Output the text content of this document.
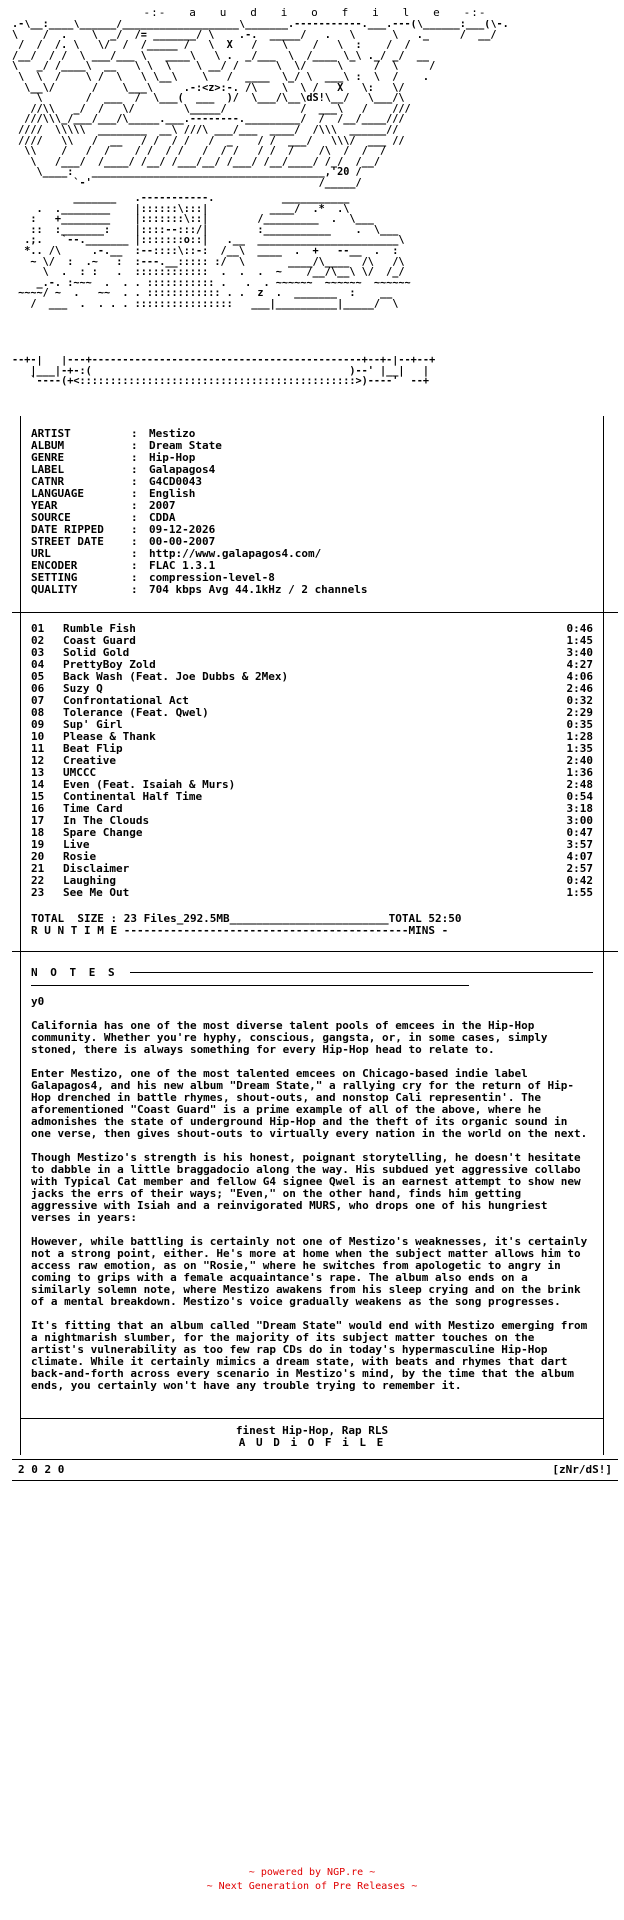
-:-   a   u   d   i   o   f   i   l   e   -:-
.-\__:____\______/___________________\_______.-----------.___.---(\______:___(\-.
\    /  .    \  _/  /= _______/ \    .-.  _____/   .   \      \   ._     /  __/
/  /  /. \   \/  /  /_____ /   \  X   /    \    /   \  :    /  /
/__/  / /  \ ___/___ \   ____\   \ .  _/___  \  /____ \_\ ._/ _/  __
\   _/ /____\  __   \ \  \    \ __/ /      \  \/     \     /  \     /
\  \  /    \ /  \   \ \__\    \   /  ____  \_/ \  ___\ :  \  /    .
\__\/      /    \___\     .-:<z>:-. /\    \  \ /   X   \:   \/
\       /  ___  /  \___(  ___  )/  \___/\__\dS!\__/   \___/\
//\\   _/  /   \/        \_____/            /  ___\   /    ///
///\\\_/___/___/\_____.___.--------._________/  /  /__/____///
////  \\\\\  ________  __\ ///\ ___/___  ____/  /\\\  ______//
////   \\   /  __   / /  / /   /  _    / /  ___/   \\\/  ___ //
\\    /   /  /    / /  / /   /  / /   / /  /    /\  /  /  /
\   /___/  /____/ /__/ /___/__/ /___/ /__/____/ /_/  /__/
\____:   ______________________________________,'20 /
`-'                                     /_____/
_______   .-----------.           ___________
.  .________    |::::::\:::|          ____/  .*  .\
:   +________    |:::::::\::|        /_________  .  \___
::  :_______:    |::::--:::/|        :___________    .  \___
.;.   `--._______ |:::::::o::|   .__  _______________________\
*.. /\     .-.__  :--::::\::-:  /__\  ____  .  +   --__  .  :
~ \/  :  .~   :  :---.__::::: :/  \       ____/\____  /\   /\
\  .  : :   .  ::::::::::::  .  .  .  ~    /__/\__\ \/  /_/
_.-. :~~~  .  . . ::::::::::: .   .  . ~~~~~~  ~~~~~~  ~~~~~~
~~~~/ ~  .   ~~  . . :::::::::::: . .  z  .  _______  :    __
/  ___  .  . . . ::::::::::::::::   ___|__________|_____/  \
--+-|   |---+--------------------------------------------+--+-|--+--+
|___|-+-:(                                          )--' |__|   |
`----(+<:::::::::::::::::::::::::::::::::::::::::::::>)----'  --+
ARTIST	:	Mestizo
ALBUM	:	Dream State
GENRE	:	Hip-Hop
LABEL	:	Galapagos4
CATNR	:	G4CD0043
LANGUAGE	:	English
YEAR	:	2007
SOURCE	:	CDDA
DATE RIPPED	:	09-12-2026
STREET DATE	:	00-00-2007
URL	:	http://www.galapagos4.com/
ENCODER	:	FLAC 1.3.1
SETTING	:	compression-level-8
QUALITY	:	704 kbps Avg 44.1kHz / 2 channels
01	Rumble Fish	0:46
02	Coast Guard	1:45
03	Solid Gold	3:40
04	PrettyBoy Zold	4:27
05	Back Wash (Feat. Joe Dubbs & 2Mex)	4:06
06	Suzy Q	2:46
07	Confrontational Act	0:32
08	Tolerance (Feat. Qwel)	2:29
09	Sup' Girl	0:35
10	Please & Thank	1:28
11	Beat Flip	1:35
12	Creative	2:40
13	UMCCC	1:36
14	Even (Feat. Isaiah & Murs)	2:48
15	Continental Half Time	0:54
16	Time Card	3:18
17	In The Clouds	3:00
18	Spare Change	0:47
19	Live	3:57
20	Rosie	4:07
21	Disclaimer	2:57
22	Laughing	0:42
23	See Me Out	1:55
TOTAL  SIZE : 23 Files_292.5MB________________________TOTAL 52:50
R U N T I M E -------------------------------------------MINS -
N O T E S
y0
California has one of the most diverse talent pools of emcees in the Hip-Hop community. Whether you're hyphy, conscious, gangsta, or, in some cases, simply stoned, there is always something for every Hip-Hop head to relate to.
Enter Mestizo, one of the most talented emcees on Chicago-based indie label Galapagos4, and his new album "Dream State," a rallying cry for the return of Hip-Hop drenched in battle rhymes, shout-outs, and nonstop Cali representin'. The aforementioned "Coast Guard" is a prime example of all of the above, where he admonishes the state of underground Hip-Hop and the theft of its organic sound in one verse, then gives shout-outs to virtually every nation in the world on the next.
Though Mestizo's strength is his honest, poignant storytelling, he doesn't hesitate to dabble in a little braggadocio along the way. His subdued yet aggressive collabo with Typical Cat member and fellow G4 signee Qwel is an earnest attempt to show new jacks the errs of their ways; "Even," on the other hand, finds him getting aggressive with Isiah and a reinvigorated MURS, who drops one of his hungriest verses in years:
However, while battling is certainly not one of Mestizo's weaknesses, it's certainly not a strong point, either. He's more at home when the subject matter allows him to access raw emotion, as on "Rosie," where he switches from apologetic to angry in coming to grips with a female acquaintance's rape. The album also ends on a similarly solemn note, where Mestizo awakens from his sleep crying and on the brink of a mental breakdown. Mestizo's voice gradually weakens as the song progresses.
It's fitting that an album called "Dream State" would end with Mestizo emerging from a nightmarish slumber, for the majority of its subject matter touches on the artist's vulnerability as too few rap CDs do in today's hypermasculine Hip-Hop climate. While it certainly mimics a dream state, with beats and rhymes that dart back-and-forth across every scenario in Mestizo's mind, by the time that the album ends, you certainly won't have any trouble trying to remember it.
finest Hip-Hop, Rap RLS
A U D i O F i L E
2 0 2 0	[zNr/dS!]
~ powered by NGP.re ~
~ Next Generation of Pre Releases ~
